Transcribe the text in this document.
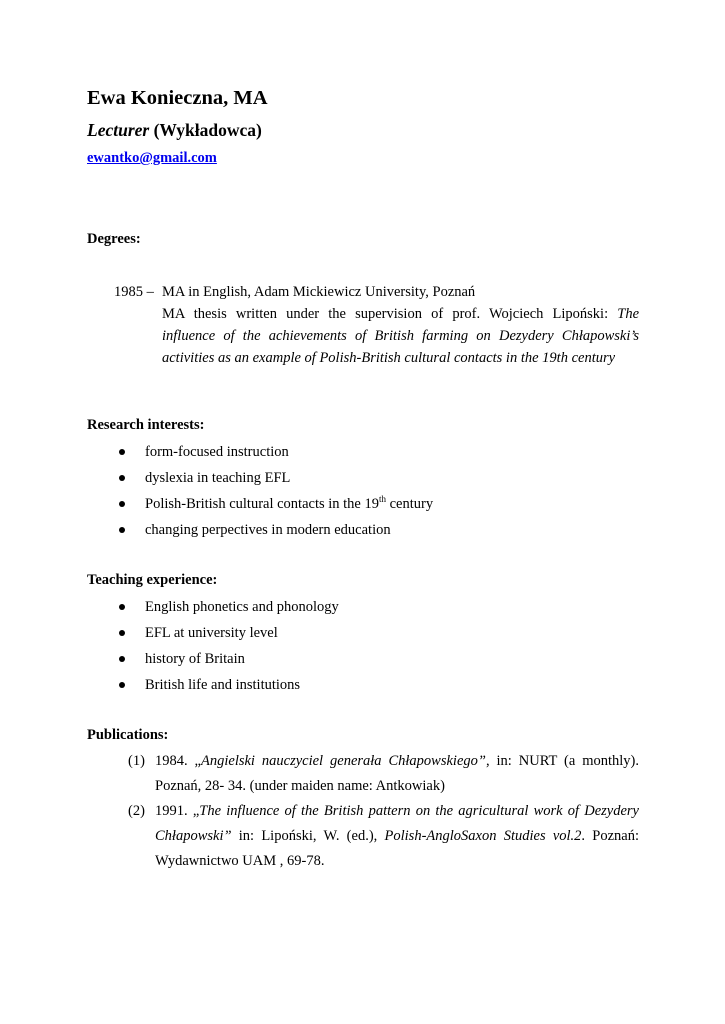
Ewa Konieczna, MA
Lecturer (Wykładowca)
ewantko@gmail.com
Degrees:
1985 – MA in English, Adam Mickiewicz University, Poznań
MA thesis written under the supervision of prof. Wojciech Lipoński: The influence of the achievements of British farming on Dezydery Chłapowski’s activities as an example of Polish-British cultural contacts in the 19th century
Research interests:
form-focused instruction
dyslexia in teaching EFL
Polish-British cultural contacts in the 19th century
changing perpectives in modern education
Teaching experience:
English phonetics and phonology
EFL at university level
history of Britain
British life and institutions
Publications:
(1) 1984. „Angielski nauczyciel generała Chłapowskiego”, in: NURT (a monthly). Poznań, 28- 34. (under maiden name: Antkowiak)
(2) 1991. „The influence of the British pattern on the agricultural work of Dezydery Chłapowski” in: Lipoński, W. (ed.), Polish-AngloSaxon Studies vol.2. Poznań: Wydawnictwo UAM , 69-78.
